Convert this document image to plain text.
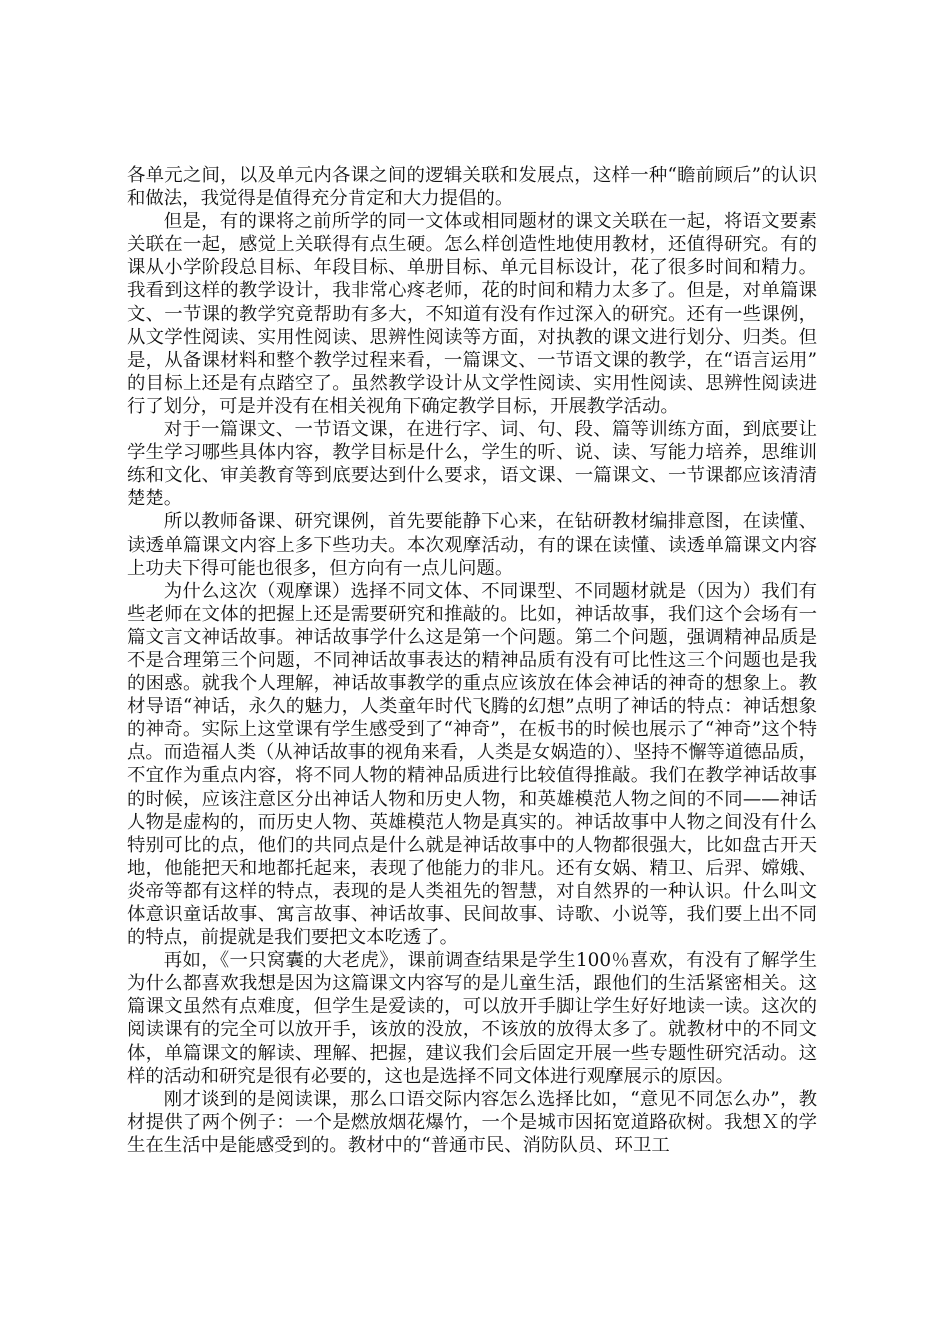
各单元之间，以及单元内各课之间的逻辑关联和发展点，这样一种“瞻前顾后”的认识和做法，我觉得是值得充分肯定和大力提倡的。

但是，有的课将之前所学的同一文体或相同题材的课文关联在一起，将语文要素关联在一起，感觉上关联得有点生硬。怎么样创造性地使用教材，还值得研究。有的课从小学阶段总目标、年段目标、单册目标、单元目标设计，花了很多时间和精力。我看到这样的教学设计，我非常心疼老师，花的时间和精力太多了。但是，对单篇课文、一节课的教学究竟帮助有多大，不知道有没有作过深入的研究。还有一些课例，从文学性阅读、实用性阅读、思辨性阅读等方面，对执教的课文进行划分、归类。但是，从备课材料和整个教学过程来看，一篇课文、一节语文课的教学，在“语言运用”的目标上还是有点踏空了。虽然教学设计从文学性阅读、实用性阅读、思辨性阅读进行了划分，可是并没有在相关视角下确定教学目标，开展教学活动。

对于一篇课文、一节语文课，在进行字、词、句、段、篇等训练方面，到底要让学生学习哪些具体内容，教学目标是什么，学生的听、说、读、写能力培养，思维训练和文化、审美教育等到底要达到什么要求，语文课、一篇课文、一节课都应该清清楚楚。

所以教师备课、研究课例，首先要能静下心来，在钻研教材编排意图，在读懂、读透单篇课文内容上多下些功夫。本次观摩活动，有的课在读懂、读透单篇课文内容上功夫下得可能也很多，但方向有一点儿问题。

为什么这次（观摩课）选择不同文体、不同课型、不同题材就是（因为）我们有些老师在文体的把握上还是需要研究和推敲的。比如，神话故事，我们这个会场有一篇文言文神话故事。神话故事学什么这是第一个问题。第二个问题，强调精神品质是不是合理第三个问题，不同神话故事表达的精神品质有没有可比性这三个问题也是我的困惑。就我个人理解，神话故事教学的重点应该放在体会神话的神奇的想象上。教材导语“神话，永久的魅力，人类童年时代飞腾的幻想”点明了神话的特点：神话想象的神奇。实际上这堂课有学生感受到了“神奇”，在板书的时候也展示了“神奇”这个特点。而造福人类（从神话故事的视角来看，人类是女娲造的）、坚持不懈等道德品质，不宜作为重点内容，将不同人物的精神品质进行比较值得推敲。我们在教学神话故事的时候，应该注意区分出神话人物和历史人物，和英雄模范人物之间的不同——神话人物是虚构的，而历史人物、英雄模范人物是真实的。神话故事中人物之间没有什么特别可比的点，他们的共同点是什么就是神话故事中的人物都很强大，比如盘古开天地，他能把天和地都托起来，表现了他能力的非凡。还有女娲、精卫、后羿、嫦娥、炎帝等都有这样的特点，表现的是人类祖先的智慧，对自然界的一种认识。什么叫文体意识童话故事、寓言故事、神话故事、民间故事、诗歌、小说等，我们要上出不同的特点，前提就是我们要把文本吃透了。

再如，《一只窝囊的大老虎》，课前调查结果是学生100％喜欢，有没有了解学生为什么都喜欢我想是因为这篇课文内容写的是儿童生活，跟他们的生活紧密相关。这篇课文虽然有点难度，但学生是爱读的，可以放开手脚让学生好好地读一读。这次的阅读课有的完全可以放开手，该放的没放，不该放的放得太多了。就教材中的不同文体，单篇课文的解读、理解、把握，建议我们会后固定开展一些专题性研究活动。这样的活动和研究是很有必要的，这也是选择不同文体进行观摩展示的原因。

刚才谈到的是阅读课，那么口语交际内容怎么选择比如，“意见不同怎么办”，教材提供了两个例子：一个是燃放烟花爆竹，一个是城市因拓宽道路砍树。我想Ｘ的学生在生活中是能感受到的。教材中的“普通市民、消防队员、环卫工
